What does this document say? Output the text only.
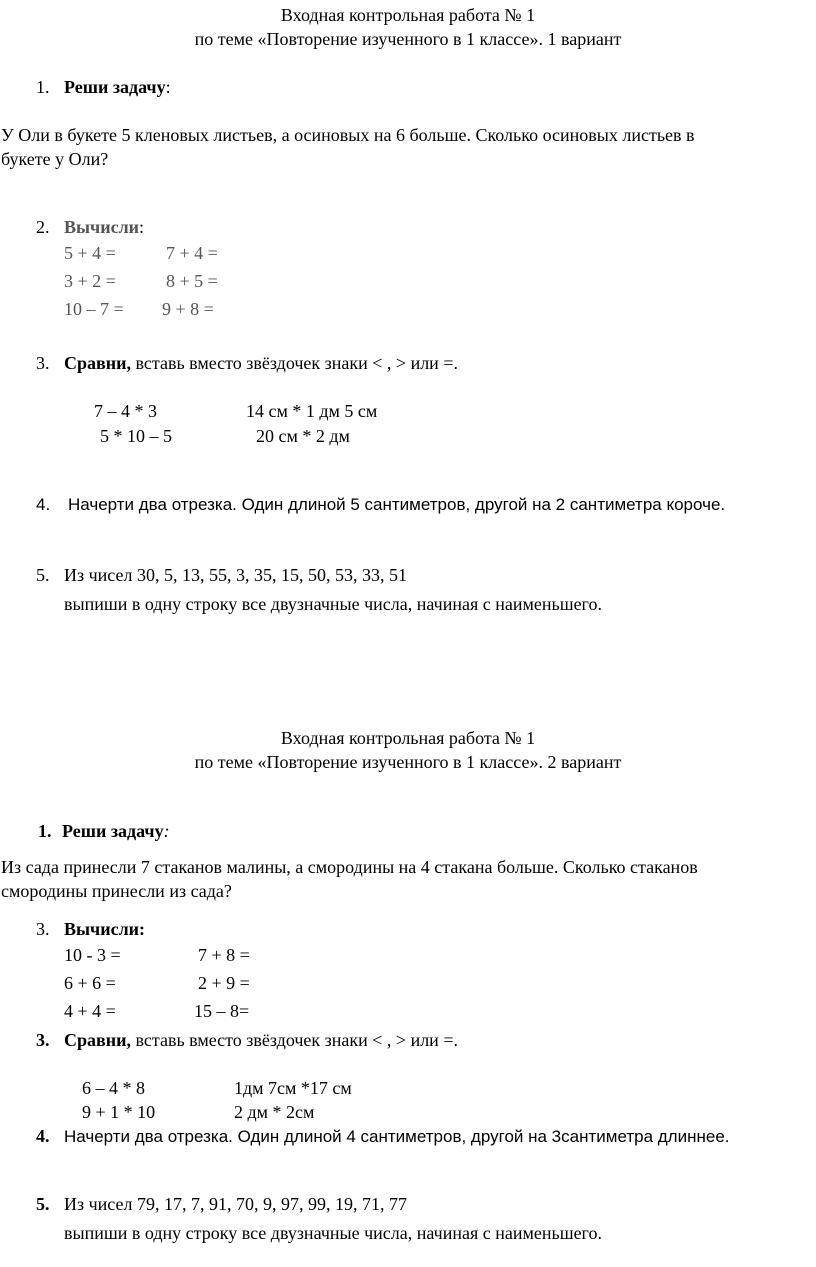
Входная контрольная работа № 1
по теме «Повторение изученного в 1 классе». 1 вариант
1. Реши задачу:
У Оли в букете 5 кленовых листьев, а осиновых на 6 больше. Сколько осиновых листьев в
букете у Оли?
2. Вычисли:
5 + 4 =	7 + 4 =
3 + 2 =	8 + 5 =
10 – 7 = 9 + 8 =
3. Сравни, вставь вместо звёздочек знаки < , > или =.
7 – 4 * 3	14 см * 1 дм 5 см
5 * 10 – 5	20 см * 2 дм
4. Начерти два отрезка. Один длиной 5 сантиметров, другой на 2 сантиметра короче.
5. Из чисел 30, 5, 13, 55, 3, 35, 15, 50, 53, 33, 51
выпиши в одну строку все двузначные числа, начиная с наименьшего.
Входная контрольная работа № 1
по теме «Повторение изученного в 1 классе». 2 вариант
1. Реши задачу:
Из сада принесли 7 стаканов малины, а смородины на 4 стакана больше. Сколько стаканов
смородины принесли из сада?
3. Вычисли:
10 - 3 =	7 + 8 =
6 + 6 =	2 + 9 =
4 + 4 =	15 – 8=
3. Сравни, вставь вместо звёздочек знаки < , > или =.
6 – 4 * 8	1дм 7см *17 см
9 + 1 * 10	2 дм * 2см
4. Начерти два отрезка. Один длиной 4 сантиметров, другой на 3сантиметра длиннее.
5. Из чисел 79, 17, 7, 91, 70, 9, 97, 99, 19, 71, 77
выпиши в одну строку все двузначные числа, начиная с наименьшего.
